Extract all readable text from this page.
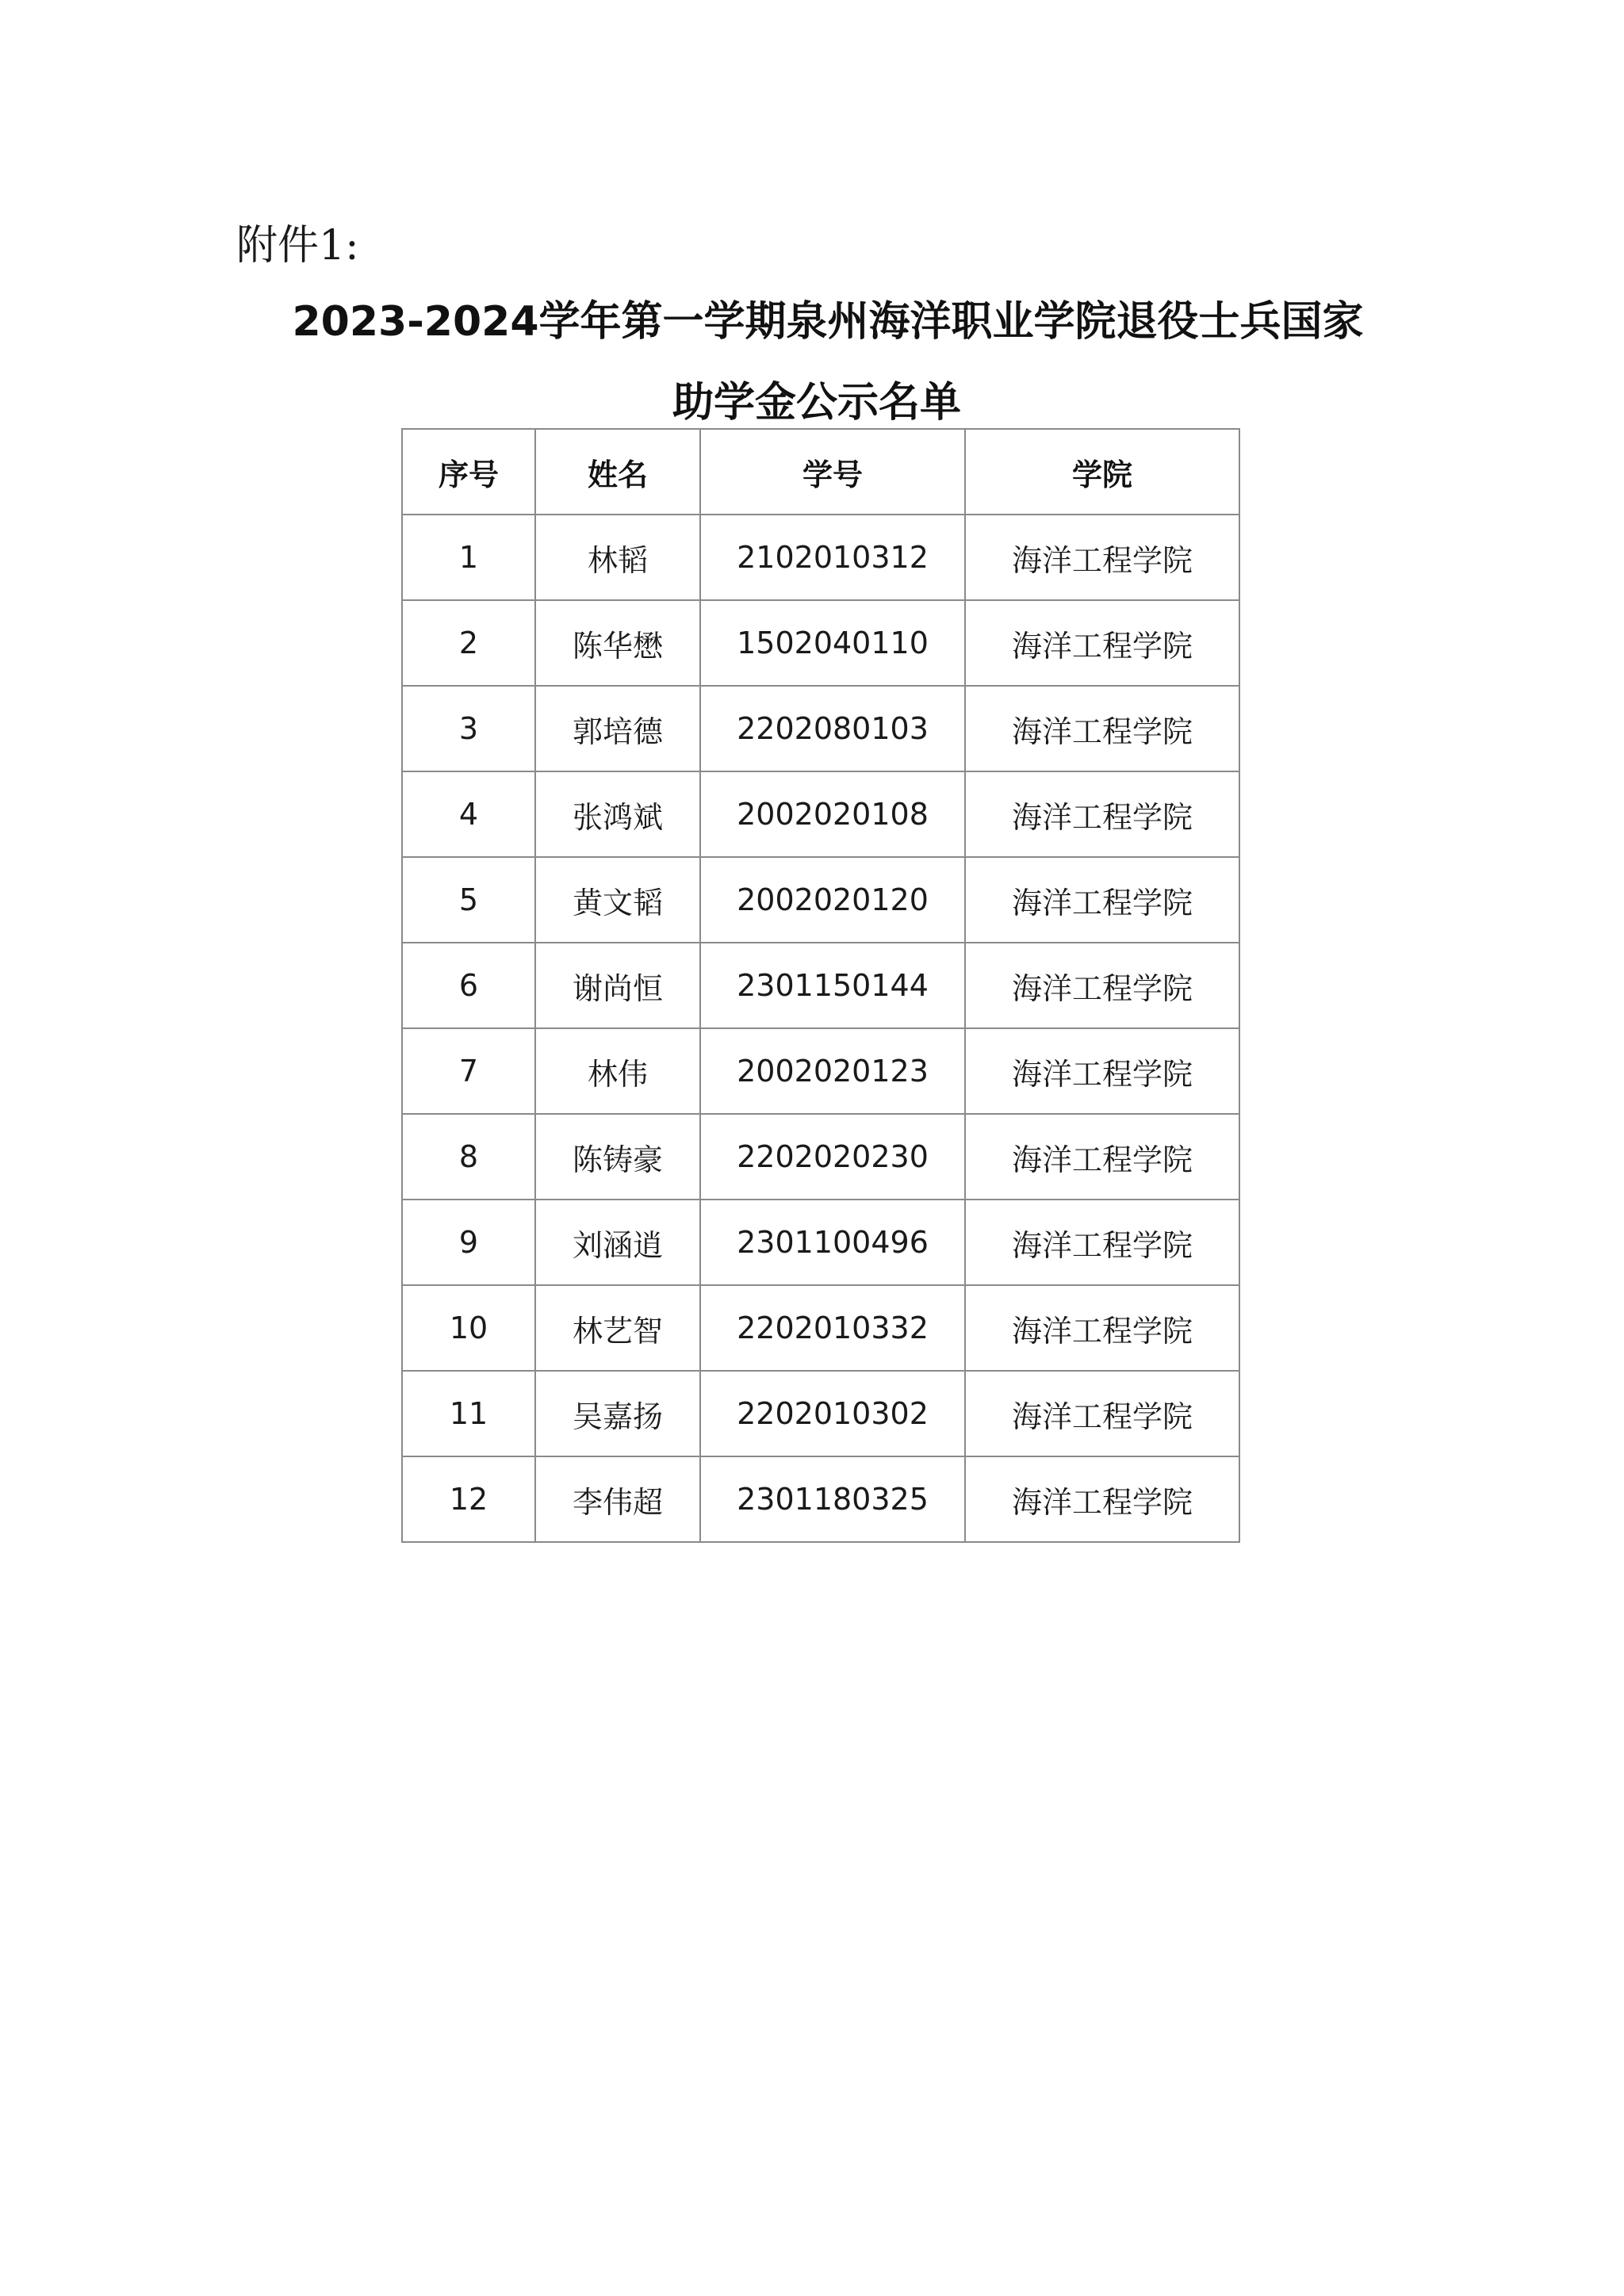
附件1:
2023-2024学年第一学期泉州海洋职业学院退役士兵国家
助学金公示名单
序号	姓名	学号	学院
1	林韬	2102010312	海洋工程学院
2	陈华懋	1502040110	海洋工程学院
3	郭培德	2202080103	海洋工程学院
4	张鸿斌	2002020108	海洋工程学院
5	黄文韬	2002020120	海洋工程学院
6	谢尚恒	2301150144	海洋工程学院
7	林伟	2002020123	海洋工程学院
8	陈铸豪	2202020230	海洋工程学院
9	刘涵逍	2301100496	海洋工程学院
10	林艺智	2202010332	海洋工程学院
11	吴嘉扬	2202010302	海洋工程学院
12	李伟超	2301180325	海洋工程学院
